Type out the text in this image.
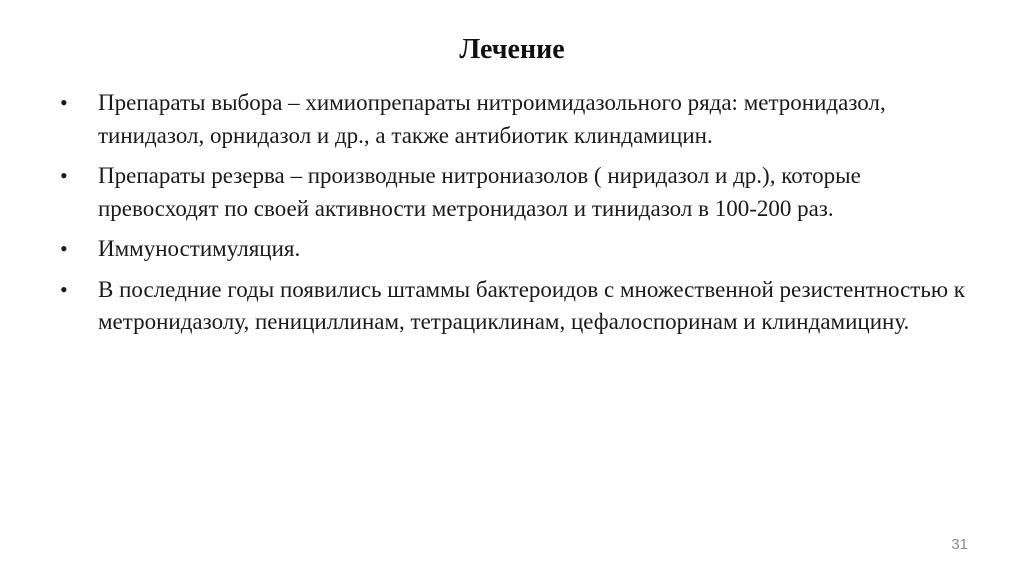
Лечение
•	Препараты выбора – химиопрепараты нитроимидазольного ряда: метронидазол, тинидазол, орнидазол и др., а также антибиотик клиндамицин.
•	Препараты резерва – производные нитрониазолов ( ниридазол и др.), которые превосходят по своей активности метронидазол и тинидазол в 100-200 раз.
•	Иммуностимуляция.
•	В последние годы появились штаммы бактероидов с множественной резистентностью к метронидазолу, пенициллинам, тетрациклинам, цефалоспоринам и клиндамицину.
31
